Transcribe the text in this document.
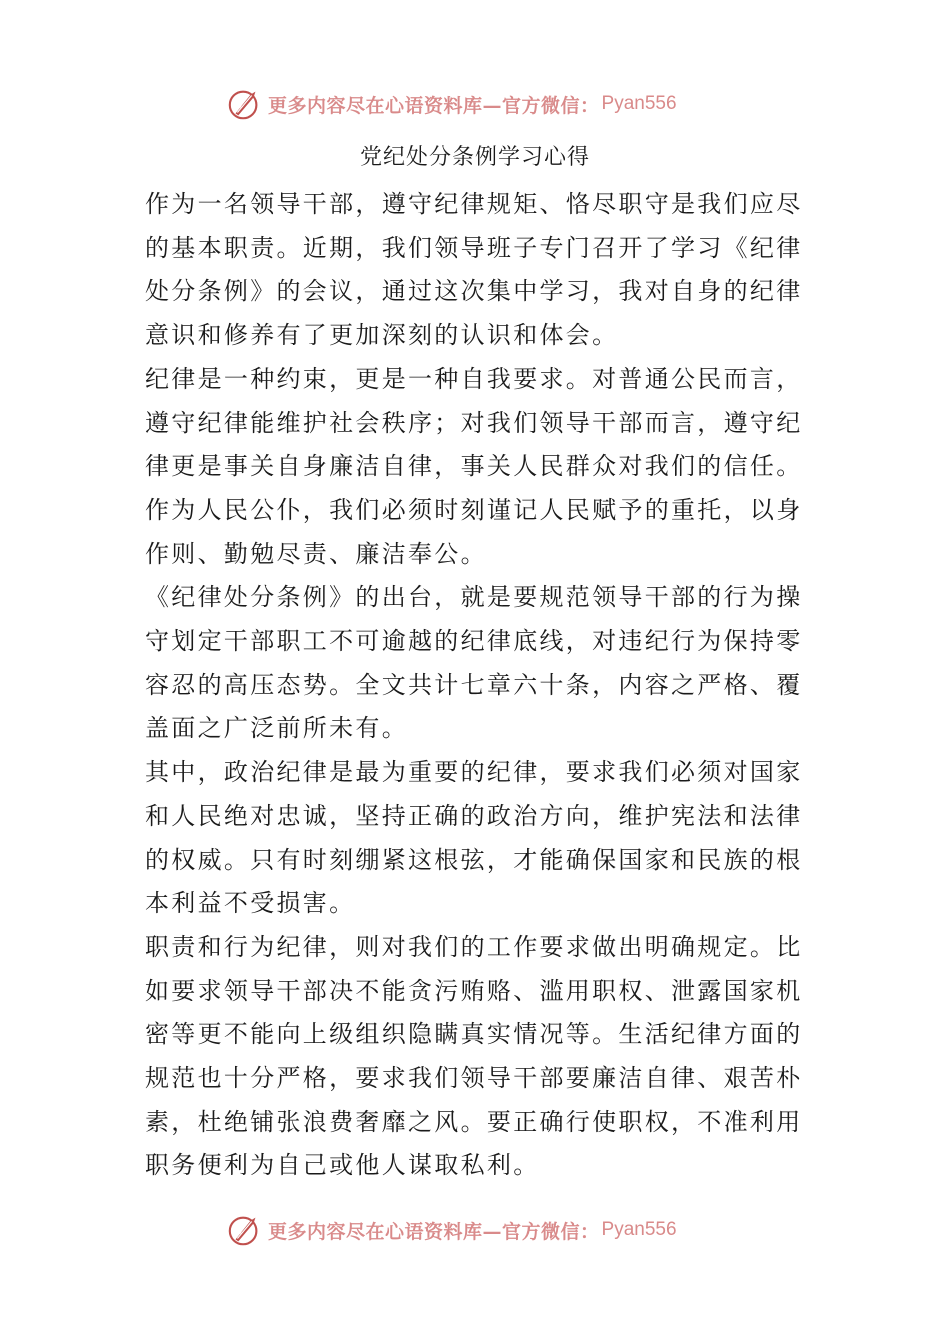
更多内容尽在心语资料库—官方微信： Pyan556
党纪处分条例学习心得

作为一名领导干部，遵守纪律规矩、恪尽职守是我们应尽的基本职责。近期，我们领导班子专门召开了学习《纪律处分条例》的会议，通过这次集中学习，我对自身的纪律意识和修养有了更加深刻的认识和体会。

纪律是一种约束，更是一种自我要求。对普通公民而言，遵守纪律能维护社会秩序；对我们领导干部而言，遵守纪律更是事关自身廉洁自律，事关人民群众对我们的信任。作为人民公仆，我们必须时刻谨记人民赋予的重托，以身作则、勤勉尽责、廉洁奉公。

《纪律处分条例》的出台，就是要规范领导干部的行为操守划定干部职工不可逾越的纪律底线，对违纪行为保持零容忍的高压态势。全文共计七章六十条，内容之严格、覆盖面之广泛前所未有。

其中，政治纪律是最为重要的纪律，要求我们必须对国家和人民绝对忠诚，坚持正确的政治方向，维护宪法和法律的权威。只有时刻绷紧这根弦，才能确保国家和民族的根本利益不受损害。

职责和行为纪律，则对我们的工作要求做出明确规定。比如要求领导干部决不能贪污贿赂、滥用职权、泄露国家机密等更不能向上级组织隐瞒真实情况等。生活纪律方面的规范也十分严格，要求我们领导干部要廉洁自律、艰苦朴素，杜绝铺张浪费奢靡之风。要正确行使职权，不准利用职务便利为自己或他人谋取私利。

更多内容尽在心语资料库—官方微信： Pyan556
